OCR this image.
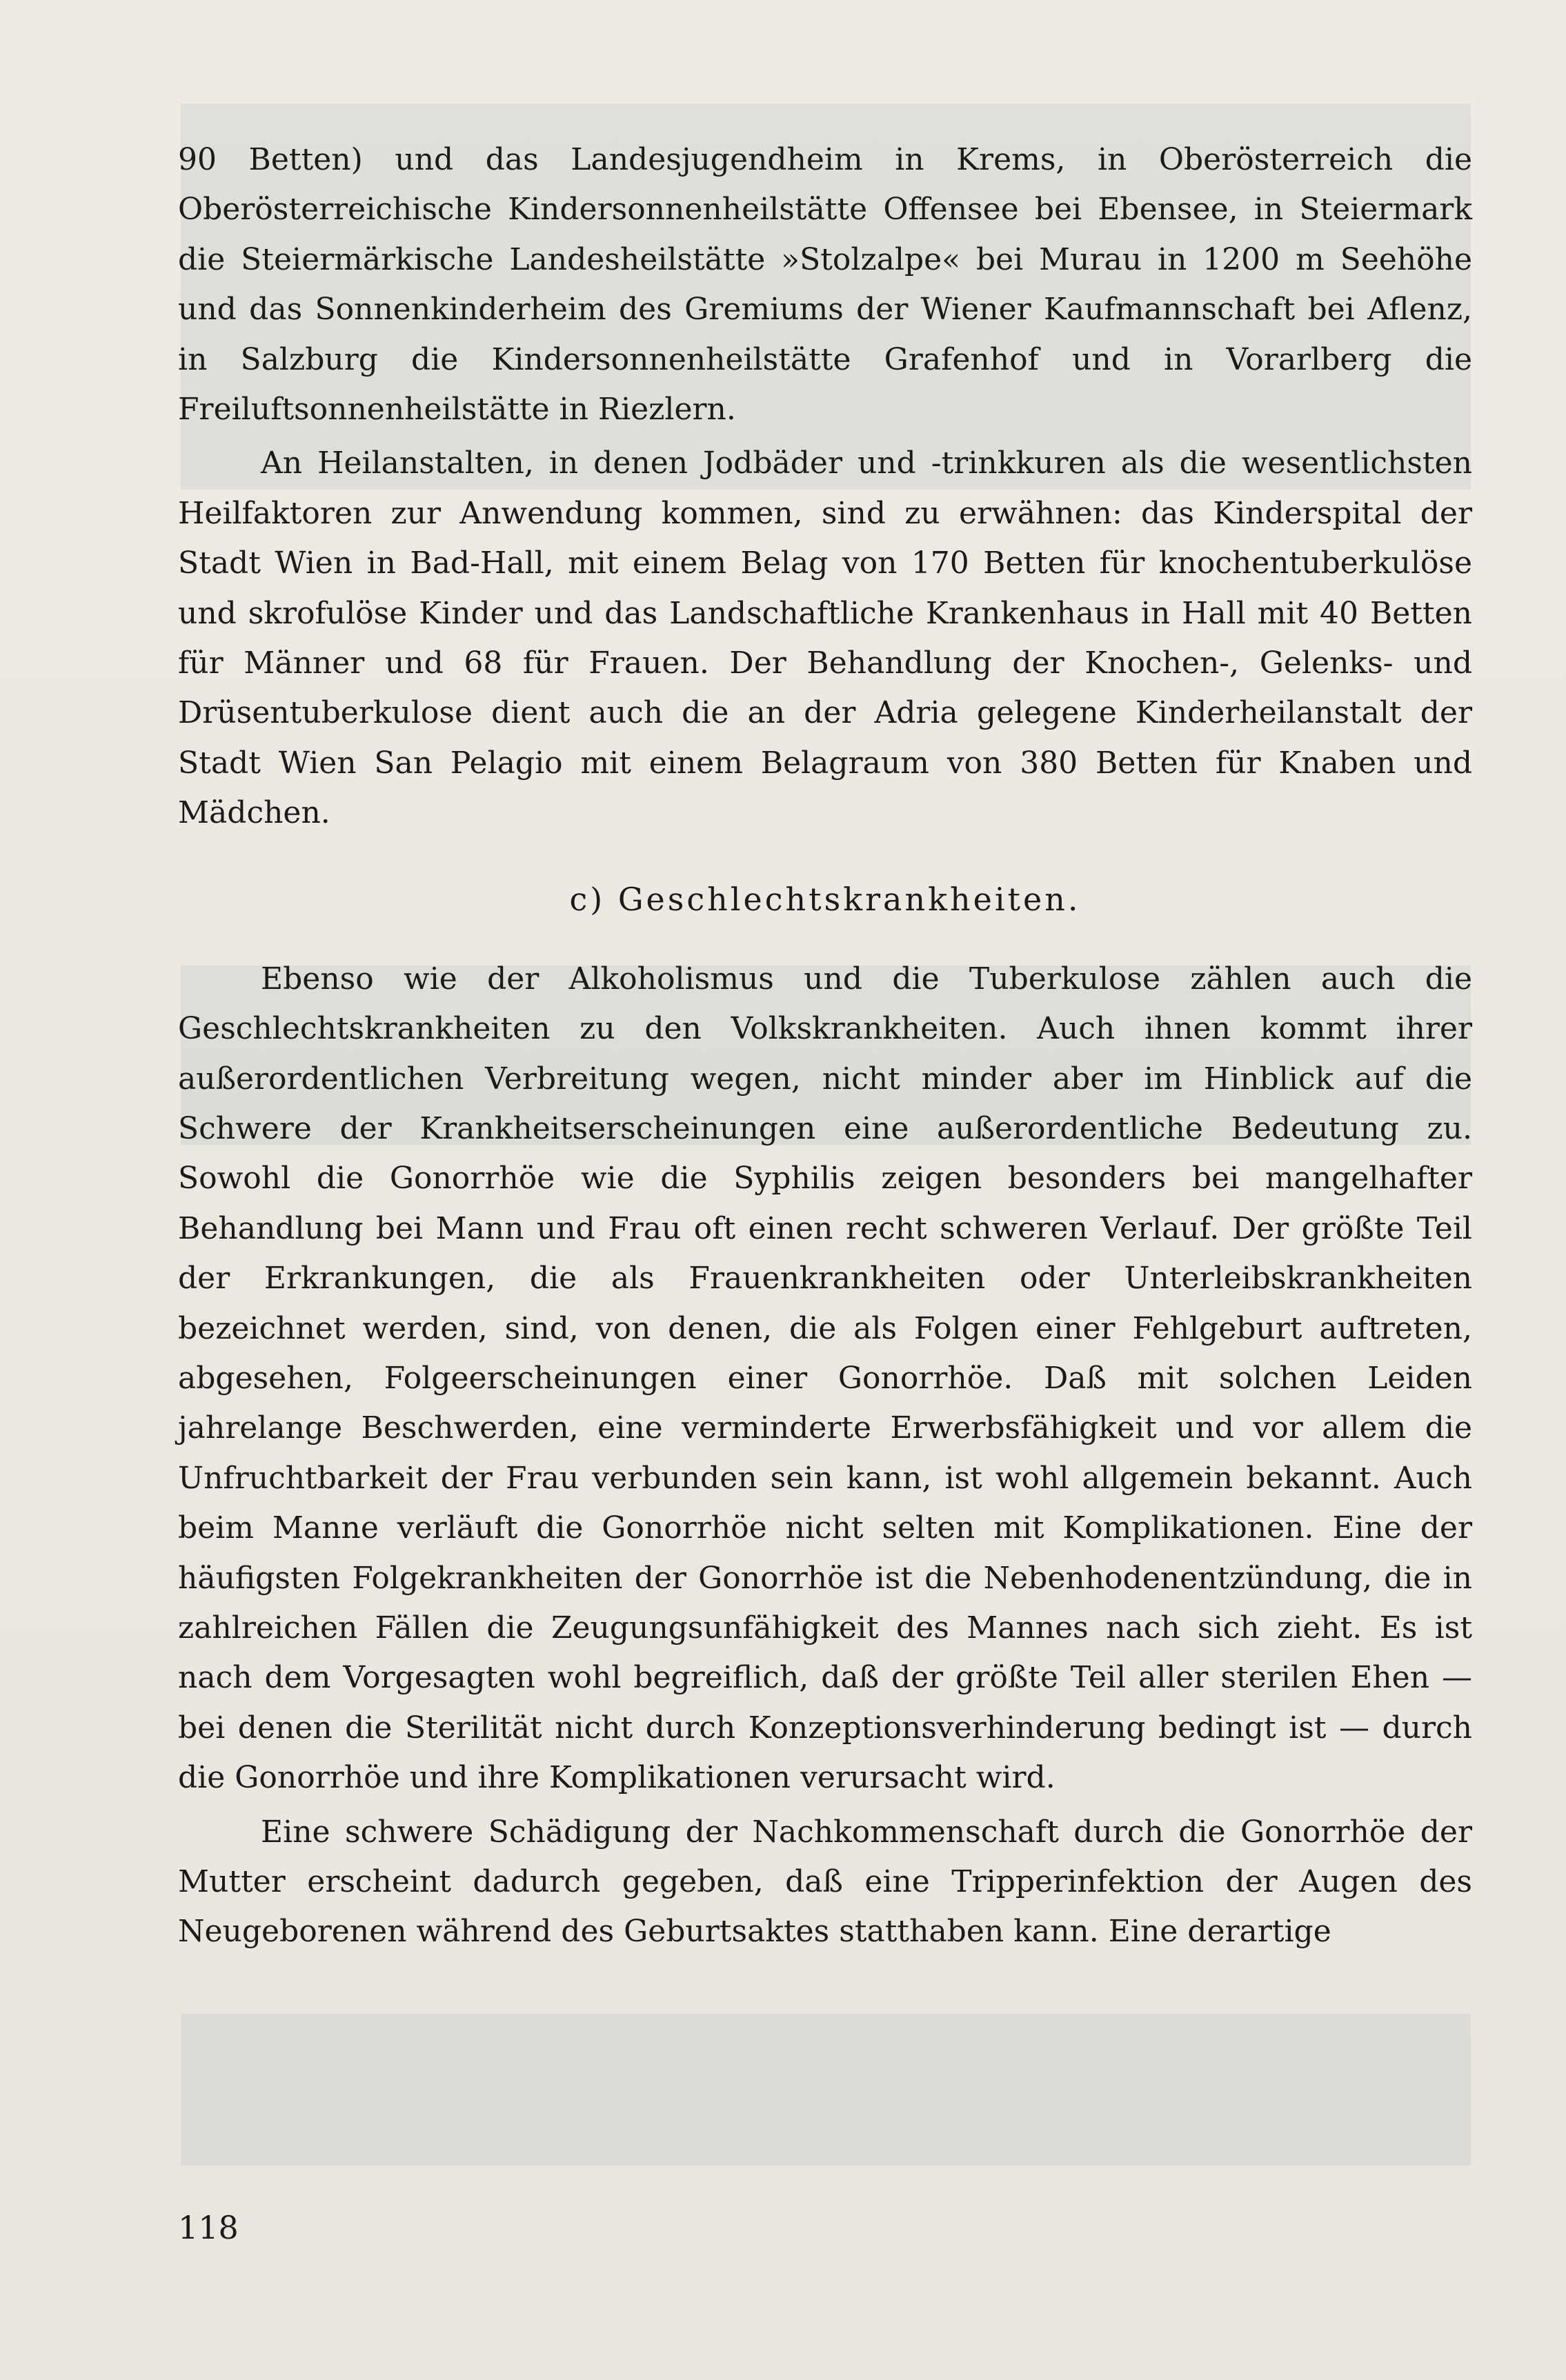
90 Betten) und das Landesjugendheim in Krems, in Oberösterreich die Oberösterreichische Kindersonnenheilstätte Offensee bei Ebensee, in Steiermark die Steiermärkische Landesheilstätte »Stolzalpe« bei Murau in 1200 m Seehöhe und das Sonnenkinderheim des Gremiums der Wiener Kaufmannschaft bei Aflenz, in Salzburg die Kindersonnenheilstätte Grafenhof und in Vorarlberg die Freiluftsonnenheilstätte in Riezlern.

An Heilanstalten, in denen Jodbäder und -trinkkuren als die wesentlichsten Heilfaktoren zur Anwendung kommen, sind zu erwähnen: das Kinderspital der Stadt Wien in Bad-Hall, mit einem Belag von 170 Betten für knochentuberkulöse und skrofulöse Kinder und das Landschaftliche Krankenhaus in Hall mit 40 Betten für Männer und 68 für Frauen. Der Behandlung der Knochen-, Gelenks- und Drüsentuberkulose dient auch die an der Adria gelegene Kinderheilanstalt der Stadt Wien San Pelagio mit einem Belagraum von 380 Betten für Knaben und Mädchen.

c) Geschlechtskrankheiten.

Ebenso wie der Alkoholismus und die Tuberkulose zählen auch die Geschlechtskrankheiten zu den Volkskrankheiten. Auch ihnen kommt ihrer außerordentlichen Verbreitung wegen, nicht minder aber im Hinblick auf die Schwere der Krankheitserscheinungen eine außerordentliche Bedeutung zu. Sowohl die Gonorrhöe wie die Syphilis zeigen besonders bei mangelhafter Behandlung bei Mann und Frau oft einen recht schweren Verlauf. Der größte Teil der Erkrankungen, die als Frauenkrankheiten oder Unterleibskrankheiten bezeichnet werden, sind, von denen, die als Folgen einer Fehlgeburt auftreten, abgesehen, Folgeerscheinungen einer Gonorrhöe. Daß mit solchen Leiden jahrelange Beschwerden, eine verminderte Erwerbsfähigkeit und vor allem die Unfruchtbarkeit der Frau verbunden sein kann, ist wohl allgemein bekannt. Auch beim Manne verläuft die Gonorrhöe nicht selten mit Komplikationen. Eine der häufigsten Folgekrankheiten der Gonorrhöe ist die Nebenhodenentzündung, die in zahlreichen Fällen die Zeugungsunfähigkeit des Mannes nach sich zieht. Es ist nach dem Vorgesagten wohl begreiflich, daß der größte Teil aller sterilen Ehen — bei denen die Sterilität nicht durch Konzeptionsverhinderung bedingt ist — durch die Gonorrhöe und ihre Komplikationen verursacht wird.

Eine schwere Schädigung der Nachkommenschaft durch die Gonorrhöe der Mutter erscheint dadurch gegeben, daß eine Tripperinfektion der Augen des Neugeborenen während des Geburtsaktes statthaben kann. Eine derartige

118
